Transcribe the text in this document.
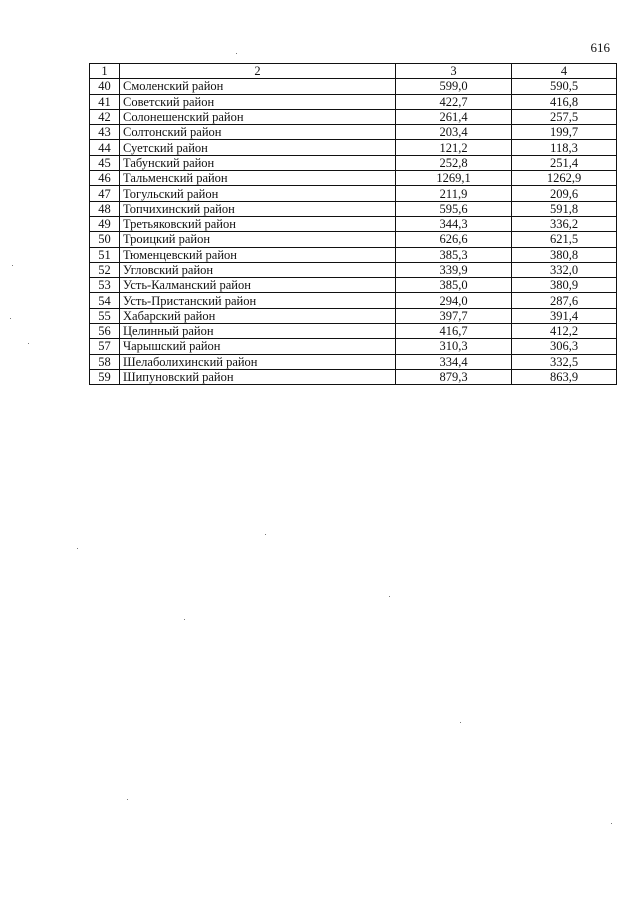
616
1	2	3	4
40	Смоленский район	599,0	590,5
41	Советский район	422,7	416,8
42	Солонешенский район	261,4	257,5
43	Солтонский район	203,4	199,7
44	Суетский район	121,2	118,3
45	Табунский район	252,8	251,4
46	Тальменский район	1269,1	1262,9
47	Тогульский район	211,9	209,6
48	Топчихинский район	595,6	591,8
49	Третьяковский район	344,3	336,2
50	Троицкий район	626,6	621,5
51	Тюменцевский район	385,3	380,8
52	Угловский район	339,9	332,0
53	Усть-Калманский район	385,0	380,9
54	Усть-Пристанский район	294,0	287,6
55	Хабарский район	397,7	391,4
56	Целинный район	416,7	412,2
57	Чарышский район	310,3	306,3
58	Шелаболихинский район	334,4	332,5
59	Шипуновский район	879,3	863,9
